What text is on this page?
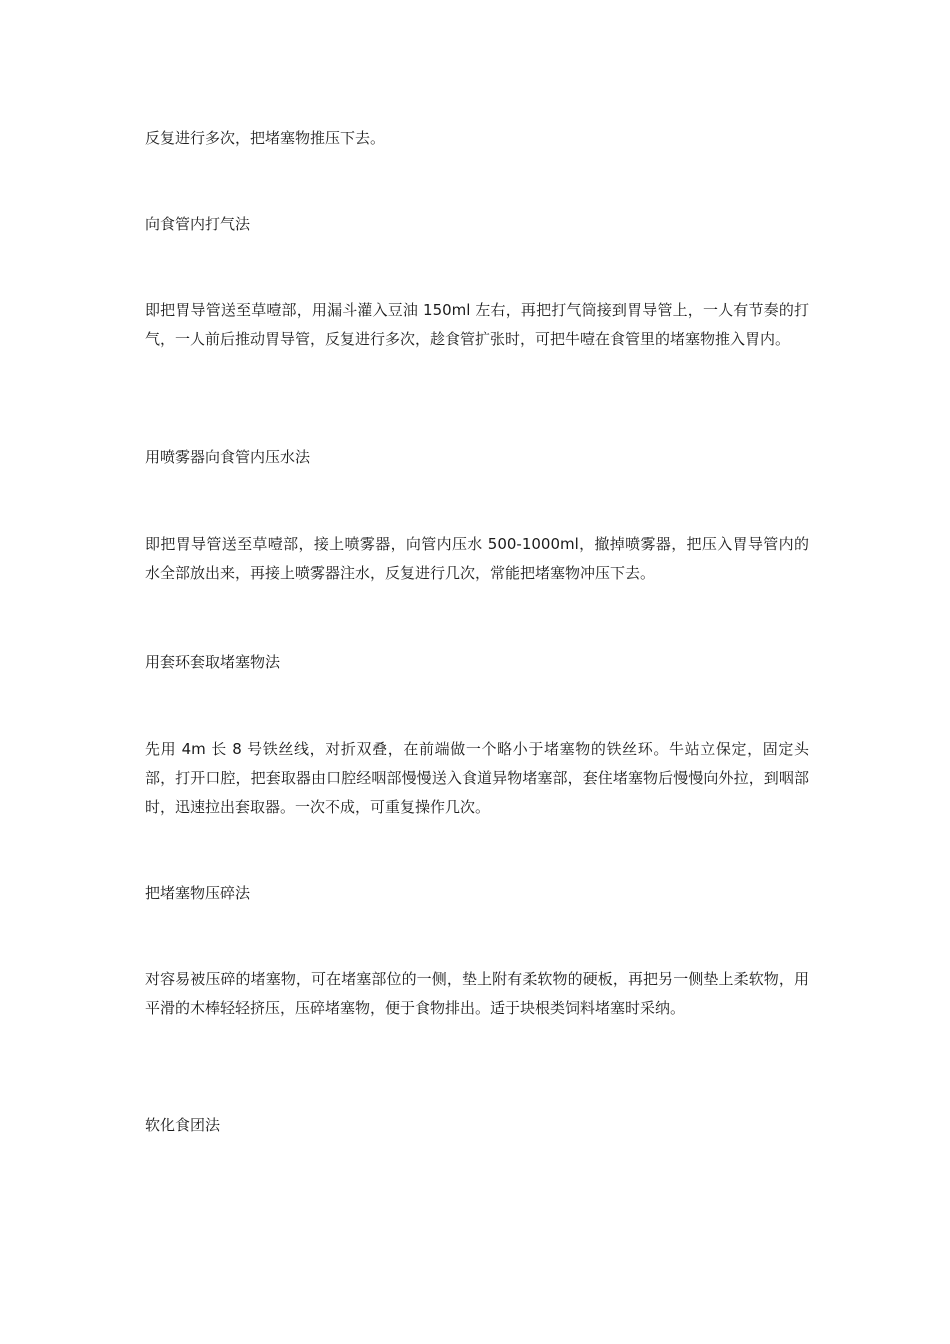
反复进行多次，把堵塞物推压下去。

向食管内打气法

即把胃导管送至草噎部，用漏斗灌入豆油 150ml 左右，再把打气筒接到胃导管上，一人有节奏的打气，一人前后推动胃导管，反复进行多次，趁食管扩张时，可把牛噎在食管里的堵塞物推入胃内。

用喷雾器向食管内压水法

即把胃导管送至草噎部，接上喷雾器，向管内压水 500-1000ml，撤掉喷雾器，把压入胃导管内的水全部放出来，再接上喷雾器注水，反复进行几次，常能把堵塞物冲压下去。

用套环套取堵塞物法

先用 4m 长 8 号铁丝线，对折双叠，在前端做一个略小于堵塞物的铁丝环。牛站立保定，固定头部，打开口腔，把套取器由口腔经咽部慢慢送入食道异物堵塞部，套住堵塞物后慢慢向外拉，到咽部时，迅速拉出套取器。一次不成，可重复操作几次。

把堵塞物压碎法

对容易被压碎的堵塞物，可在堵塞部位的一侧，垫上附有柔软物的硬板，再把另一侧垫上柔软物，用平滑的木棒轻轻挤压，压碎堵塞物，便于食物排出。适于块根类饲料堵塞时采纳。

软化食团法
